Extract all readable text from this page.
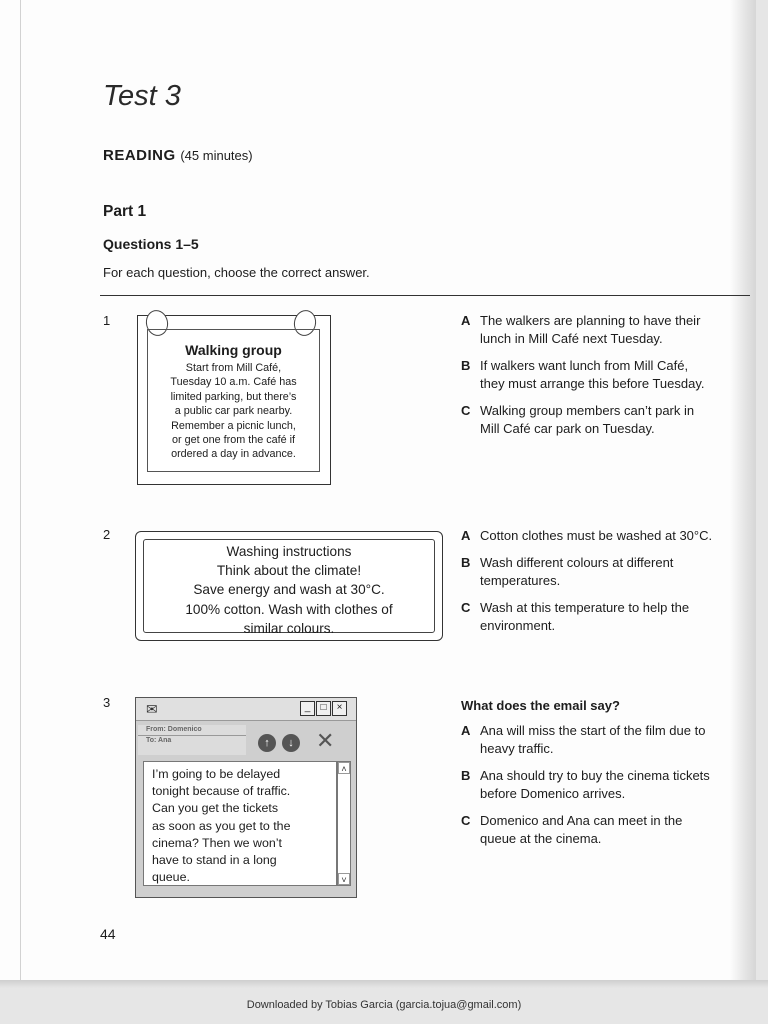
Test 3
READING (45 minutes)
Part 1
Questions 1–5
For each question, choose the correct answer.
1
Walking group
Start from Mill Café,
Tuesday 10 a.m. Café has
limited parking, but there’s
a public car park nearby.
Remember a picnic lunch,
or get one from the café if
ordered a day in advance.
A The walkers are planning to have their
lunch in Mill Café next Tuesday.
B If walkers want lunch from Mill Café,
they must arrange this before Tuesday.
C Walking group members can’t park in
Mill Café car park on Tuesday.
2
Washing instructions
Think about the climate!
Save energy and wash at 30°C.
100% cotton. Wash with clothes of
similar colours.
A Cotton clothes must be washed at 30°C.
B Wash different colours at different
temperatures.
C Wash at this temperature to help the
environment.
3	✉	_	□	×
From: Domenico
To: Ana	↑	↓ ✕
I’m going to be delayed
tonight because of traffic.
Can you get the tickets
as soon as you get to the
cinema? Then we won’t
have to stand in a long
queue.
˄
˅
What does the email say?
A Ana will miss the start of the film due to
heavy traffic.
B Ana should try to buy the cinema tickets
before Domenico arrives.
C Domenico and Ana can meet in the
queue at the cinema.
44
Downloaded by Tobias Garcia (garcia.tojua@gmail.com)
